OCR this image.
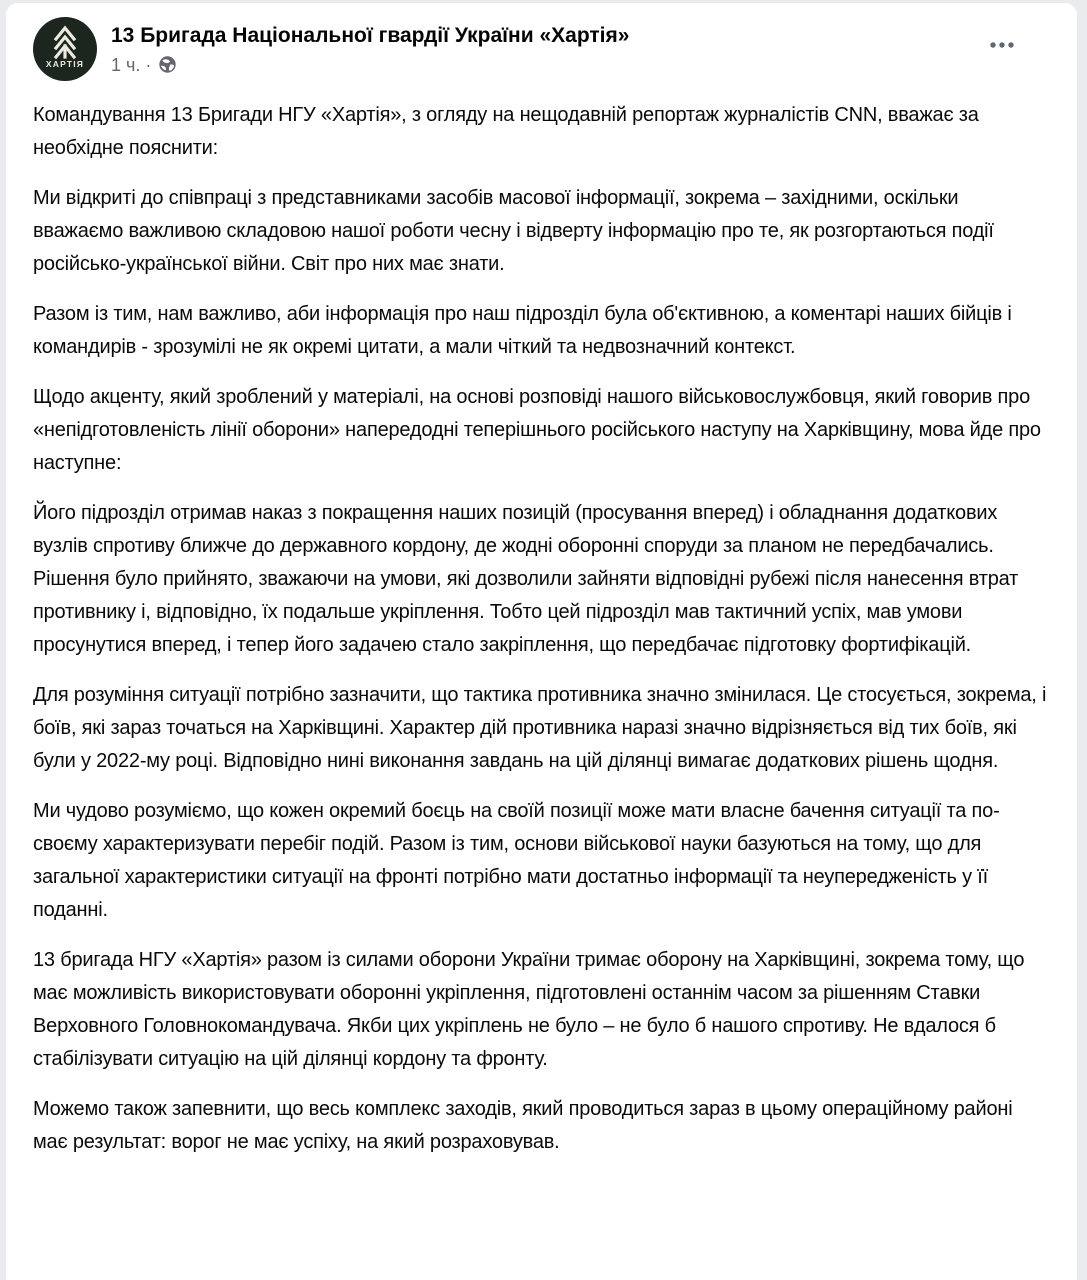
ХАРТІЯ
13 Бригада Національної гвардії України «Хартія»
1 ч. ·

Командування 13 Бригади НГУ «Хартія», з огляду на нещодавній репортаж журналістів CNN, вважає за необхідне пояснити:

Ми відкриті до співпраці з представниками засобів масової інформації, зокрема – західними, оскільки вважаємо важливою складовою нашої роботи чесну і відверту інформацію про те, як розгортаються події російсько-української війни. Світ про них має знати.

Разом із тим, нам важливо, аби інформація про наш підрозділ була об'єктивною, а коментарі наших бійців і командирів - зрозумілі не як окремі цитати, а мали чіткий та недвозначний контекст.

Щодо акценту, який зроблений у матеріалі, на основі розповіді нашого військовослужбовця, який говорив про «непідготовленість лінії оборони» напередодні теперішнього російського наступу на Харківщину, мова йде про наступне:

Його підрозділ отримав наказ з покращення наших позицій (просування вперед) і обладнання додаткових вузлів спротиву ближче до державного кордону, де жодні оборонні споруди за планом не передбачались. Рішення було прийнято, зважаючи на умови, які дозволили зайняти відповідні рубежі після нанесення втрат противнику і, відповідно, їх подальше укріплення. Тобто цей підрозділ мав тактичний успіх, мав умови просунутися вперед, і тепер його задачею стало закріплення, що передбачає підготовку фортифікацій.

Для розуміння ситуації потрібно зазначити, що тактика противника значно змінилася. Це стосується, зокрема, і боїв, які зараз точаться на Харківщині. Характер дій противника наразі значно відрізняється від тих боїв, які були у 2022-му році. Відповідно нині виконання завдань на цій ділянці вимагає додаткових рішень щодня.

Ми чудово розуміємо, що кожен окремий боєць на своїй позиції може мати власне бачення ситуації та по-своєму характеризувати перебіг подій. Разом із тим, основи військової науки базуються на тому, що для загальної характеристики ситуації на фронті потрібно мати достатньо інформації та неупередженість у її поданні.

13 бригада НГУ «Хартія» разом із силами оборони України тримає оборону на Харківщині, зокрема тому, що має можливість використовувати оборонні укріплення, підготовлені останнім часом за рішенням Ставки Верховного Головнокомандувача. Якби цих укріплень не було – не було б нашого спротиву. Не вдалося б стабілізувати ситуацію на цій ділянці кордону та фронту.

Можемо також запевнити, що весь комплекс заходів, який проводиться зараз в цьому операційному районі має результат: ворог не має успіху, на який розраховував.
